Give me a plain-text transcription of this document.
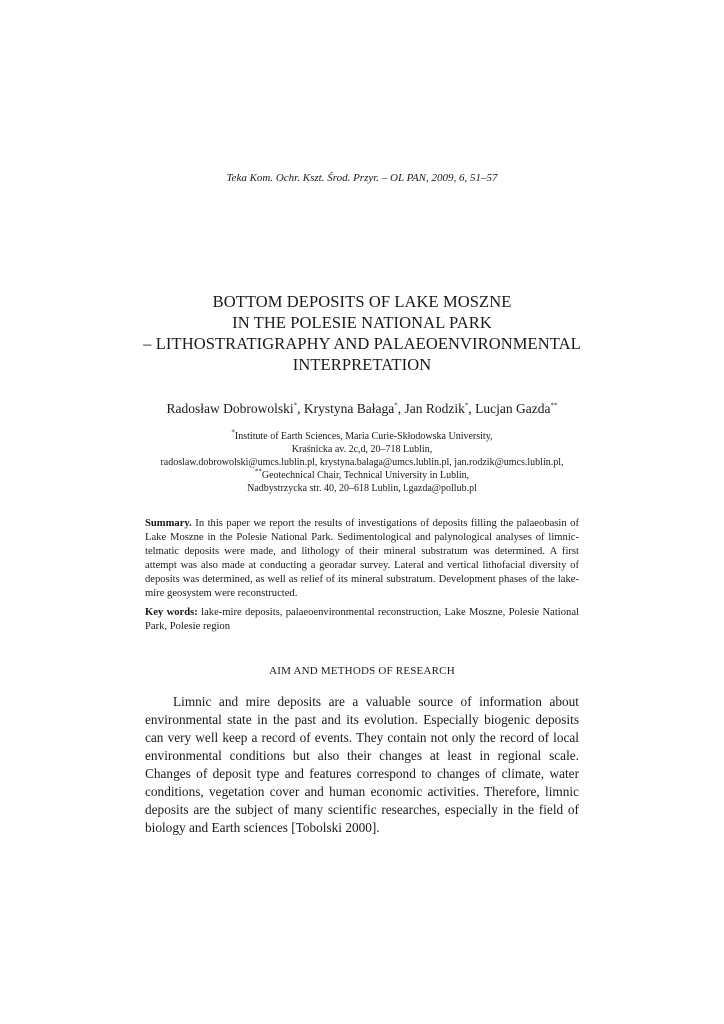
Teka Kom. Ochr. Kszt. Środ. Przyr. – OL PAN, 2009, 6, 51–57
BOTTOM DEPOSITS OF LAKE MOSZNE
IN THE POLESIE NATIONAL PARK
– LITHOSTRATIGRAPHY AND PALAEOENVIRONMENTAL
INTERPRETATION
Radosław Dobrowolski*, Krystyna Bałaga*, Jan Rodzik*, Lucjan Gazda**
*Institute of Earth Sciences, Maria Curie-Skłodowska University,
Kraśnicka av. 2c,d, 20–718 Lublin,
radoslaw.dobrowolski@umcs.lublin.pl, krystyna.balaga@umcs.lublin.pl, jan.rodzik@umcs.lublin.pl,
**Geotechnical Chair, Technical University in Lublin,
Nadbystrzycka str. 40, 20–618 Lublin, l.gazda@pollub.pl
Summary. In this paper we report the results of investigations of deposits filling the palaeobasin of Lake Moszne in the Polesie National Park. Sedimentological and palynological analyses of limnic-telmatic deposits were made, and lithology of their mineral substratum was determined. A first attempt was also made at conducting a georadar survey. Lateral and vertical lithofacial diversity of deposits was determined, as well as relief of its mineral substratum. Development phases of the lake-mire geosystem were reconstructed.
Key words: lake-mire deposits, palaeoenvironmental reconstruction, Lake Moszne, Polesie National Park, Polesie region
AIM AND METHODS OF RESEARCH

Limnic and mire deposits are a valuable source of information about environmental state in the past and its evolution. Especially biogenic deposits can very well keep a record of events. They contain not only the record of local environmental conditions but also their changes at least in regional scale. Changes of deposit type and features correspond to changes of climate, water conditions, vegetation cover and human economic activities. Therefore, limnic deposits are the subject of many scientific researches, especially in the field of biology and Earth sciences [Tobolski 2000].
